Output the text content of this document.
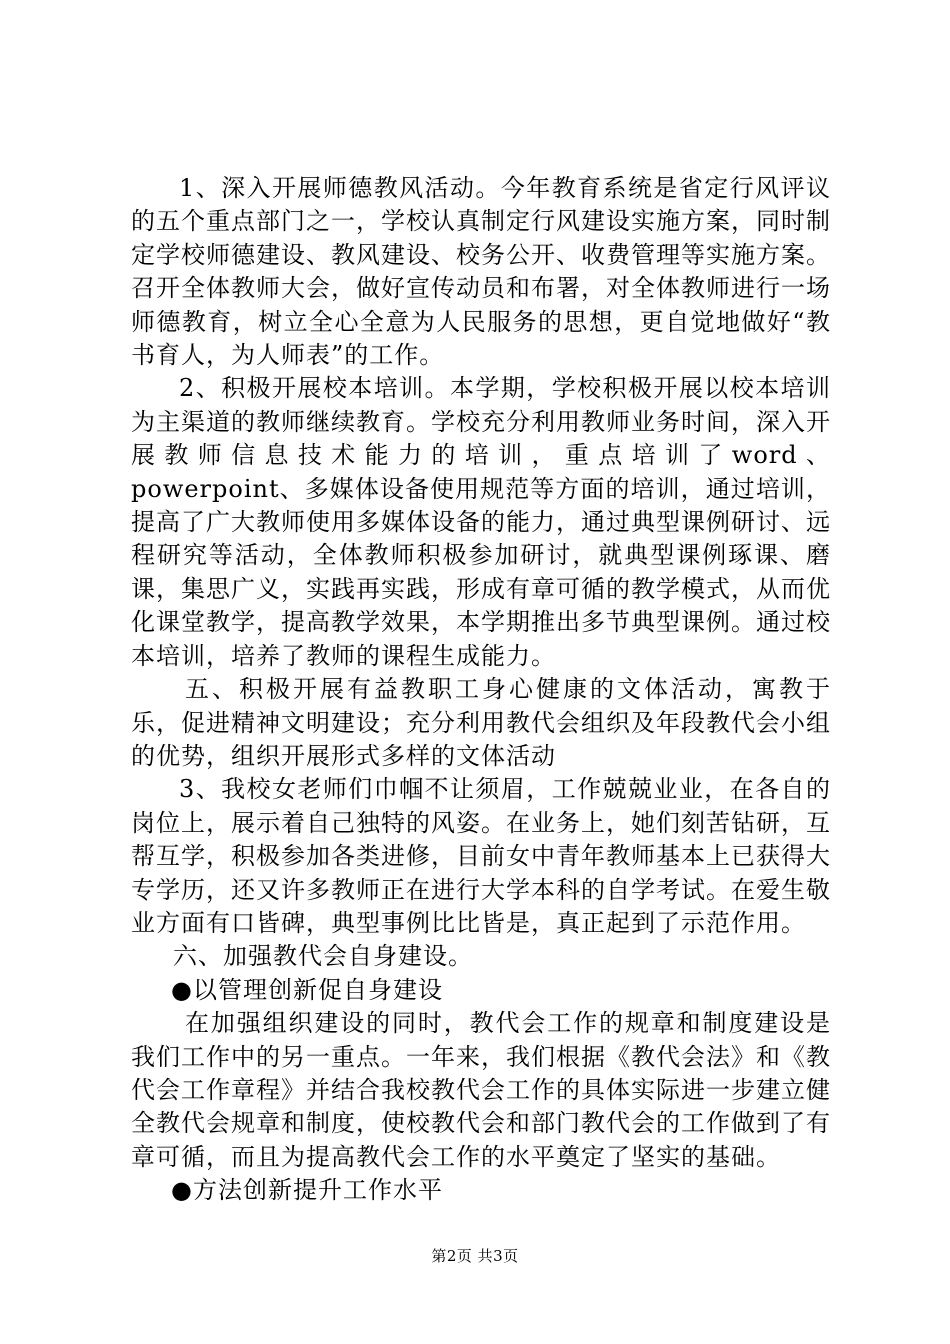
1、深入开展师德教风活动。今年教育系统是省定行风评议的五个重点部门之一，学校认真制定行风建设实施方案，同时制定学校师德建设、教风建设、校务公开、收费管理等实施方案。召开全体教师大会，做好宣传动员和布署，对全体教师进行一场师德教育，树立全心全意为人民服务的思想，更自觉地做好“教书育人，为人师表”的工作。

2、积极开展校本培训。本学期，学校积极开展以校本培训为主渠道的教师继续教育。学校充分利用教师业务时间，深入开展教师信息技术能力的培训，重点培训了word、powerpoint、多媒体设备使用规范等方面的培训，通过培训，提高了广大教师使用多媒体设备的能力，通过典型课例研讨、远程研究等活动，全体教师积极参加研讨，就典型课例琢课、磨课，集思广义，实践再实践，形成有章可循的教学模式，从而优化课堂教学，提高教学效果，本学期推出多节典型课例。通过校本培训，培养了教师的课程生成能力。

五、积极开展有益教职工身心健康的文体活动，寓教于乐，促进精神文明建设；充分利用教代会组织及年段教代会小组的优势，组织开展形式多样的文体活动

3、我校女老师们巾帼不让须眉，工作兢兢业业，在各自的岗位上，展示着自己独特的风姿。在业务上，她们刻苦钻研，互帮互学，积极参加各类进修，目前女中青年教师基本上已获得大专学历，还又许多教师正在进行大学本科的自学考试。在爱生敬业方面有口皆碑，典型事例比比皆是，真正起到了示范作用。

六、加强教代会自身建设。

●以管理创新促自身建设

在加强组织建设的同时，教代会工作的规章和制度建设是我们工作中的另一重点。一年来，我们根据《教代会法》和《教代会工作章程》并结合我校教代会工作的具体实际进一步建立健全教代会规章和制度，使校教代会和部门教代会的工作做到了有章可循，而且为提高教代会工作的水平奠定了坚实的基础。

●方法创新提升工作水平

第2页 共3页
